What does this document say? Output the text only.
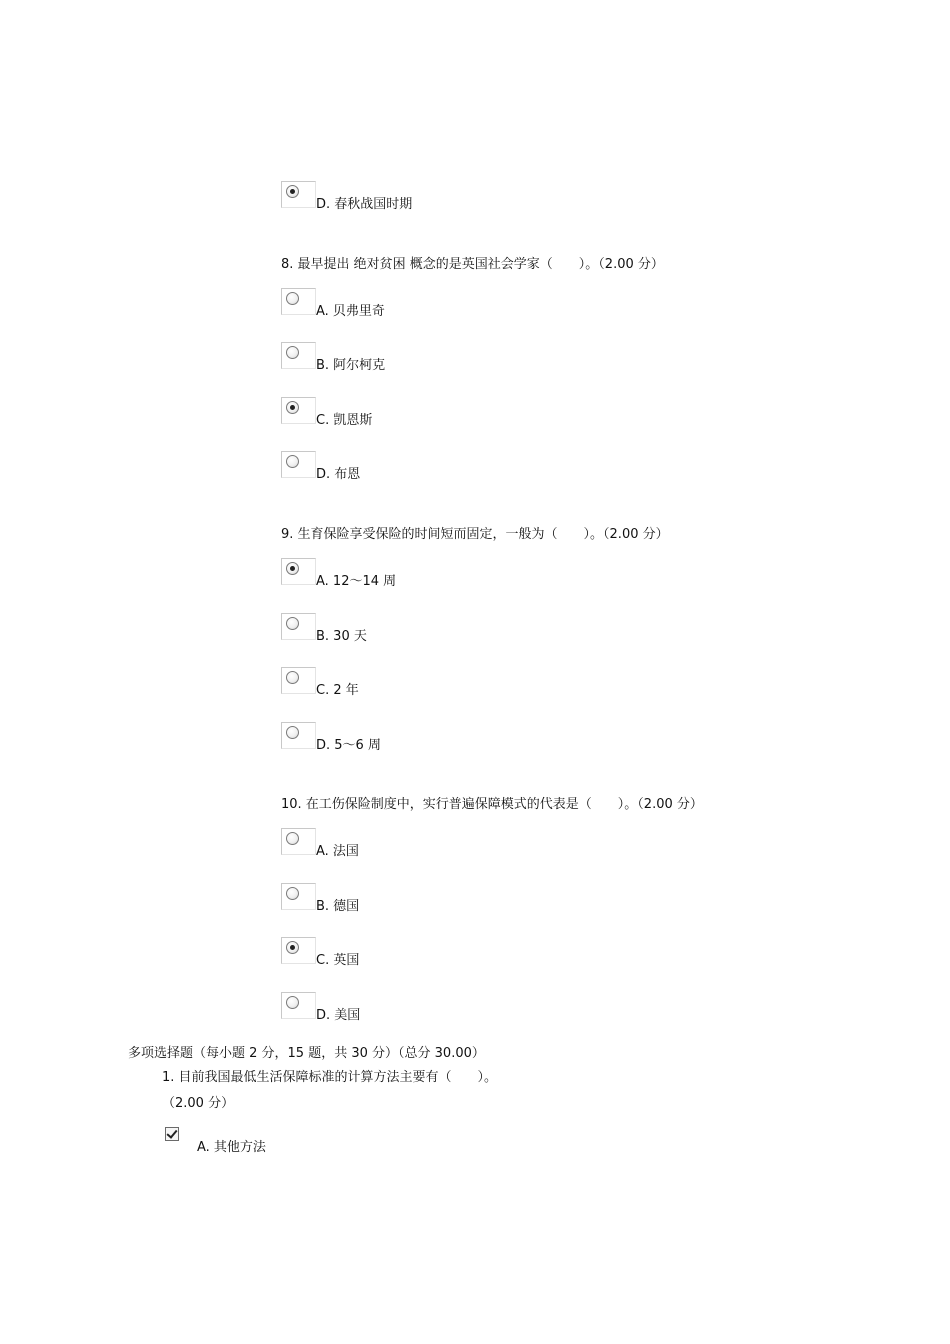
D. 春秋战国时期
8. 最早提出 绝对贫困 概念的是英国社会学家（　　）。（2.00 分）
A. 贝弗里奇
B. 阿尔柯克
C. 凯恩斯
D. 布恩
9. 生育保险享受保险的时间短而固定，一般为（　　）。（2.00 分）
A. 12～14 周
B. 30 天
C. 2 年
D. 5～6 周
10. 在工伤保险制度中，实行普遍保障模式的代表是（　　）。（2.00 分）
A. 法国
B. 德国
C. 英国
D. 美国
多项选择题（每小题 2 分，15 题，共 30 分）（总分 30.00）
1. 目前我国最低生活保障标准的计算方法主要有（　　）。
（2.00 分）
A. 其他方法
